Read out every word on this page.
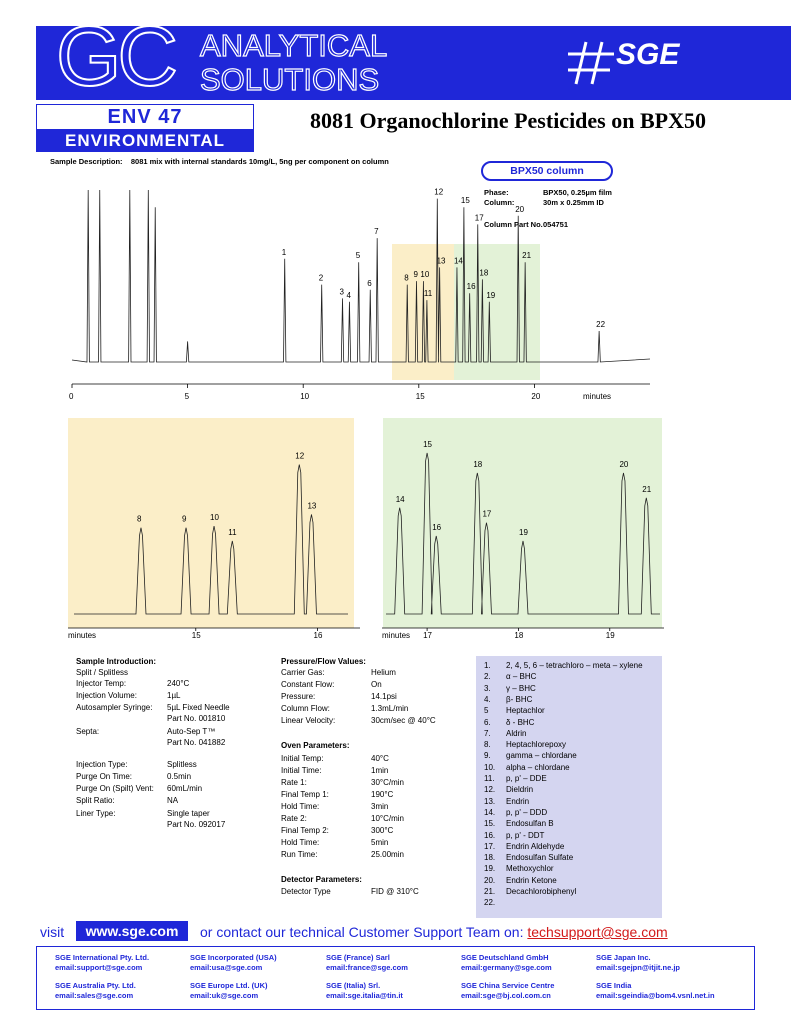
GC ANALYTICAL
SOLUTIONS
SGE
ENV 47
ENVIRONMENTAL
8081 Organochlorine Pesticides on BPX50
Sample Description: 8081 mix with internal standards 10mg/L, 5ng per component on column
BPX50 column
Phase:	BPX50, 0.25µm film
Column:	30m x 0.25mm ID
Column Part No. 054751
1
2
3 4
5
6
7
8 9 10
11
12
13 14
15
16
17
18
19
20
21
22
0	5	10	15	20	minutes
8	9	10
11
12
13
15	16
minutes
14
15
16
17
18
19
20
21
17	18	19
minutes
Sample Introduction:
Split / Splitless
Injector Temp:	240°C
Injection Volume:	1µL
Autosampler Syringe: 5µL Fixed Needle
Part No. 001810
Septa:	Auto-Sep T™
Part No. 041882
Injection Type:	Splitless
Purge On Time:	0.5min
Purge On (Spilt) Vent: 60mL/min
Split Ratio:	NA
Liner Type:	Single taper
Part No. 092017
Pressure/Flow Values:
Carrier Gas:	Helium
Constant Flow:	On
Pressure:	14.1psi
Column Flow:	1.3mL/min
Linear Velocity:	30cm/sec @ 40°C
Oven Parameters:
Initial Temp:	40°C
Initial Time:	1min
Rate 1:	30°C/min
Final Temp 1:	190°C
Hold Time:	3min
Rate 2:	10°C/min
Final Temp 2:	300°C
Hold Time:	5min
Run Time:	25.00min
Detector Parameters:
Detector Type	FID @ 310°C
1. 2, 4, 5, 6 – tetrachloro – meta – xylene
2. α – BHC
3. γ – BHC
4. β- BHC
5 Heptachlor
6. δ - BHC
7. Aldrin
8. Heptachlorepoxy
9. gamma – chlordane
10. alpha – chlordane
11. p, p' – DDE
12. Dieldrin
13. Endrin
14. p, p' – DDD
15. Endosulfan B
16. p, p' - DDT
17. Endrin Aldehyde
18. Endosulfan Sulfate
19. Methoxychlor
20. Endrin Ketone
21. Decachlorobiphenyl
22.
visit	www.sge.com	or contact our technical Customer Support Team on: techsupport@sge.com
SGE International Pty. Ltd.
email:support@sge.com
SGE Incorporated (USA)
email:usa@sge.com
SGE (France) Sarl
email:france@sge.com
SGE Deutschland GmbH
email:germany@sge.com
SGE Japan Inc.
email:sgejpn@itjit.ne.jp
SGE Australia Pty. Ltd.
email:sales@sge.com
SGE Europe Ltd. (UK)
email:uk@sge.com
SGE (Italia) Srl.
email:sge.italia@tin.it
SGE China Service Centre
email:sge@bj.col.com.cn
SGE India
email:sgeindia@bom4.vsnl.net.in
